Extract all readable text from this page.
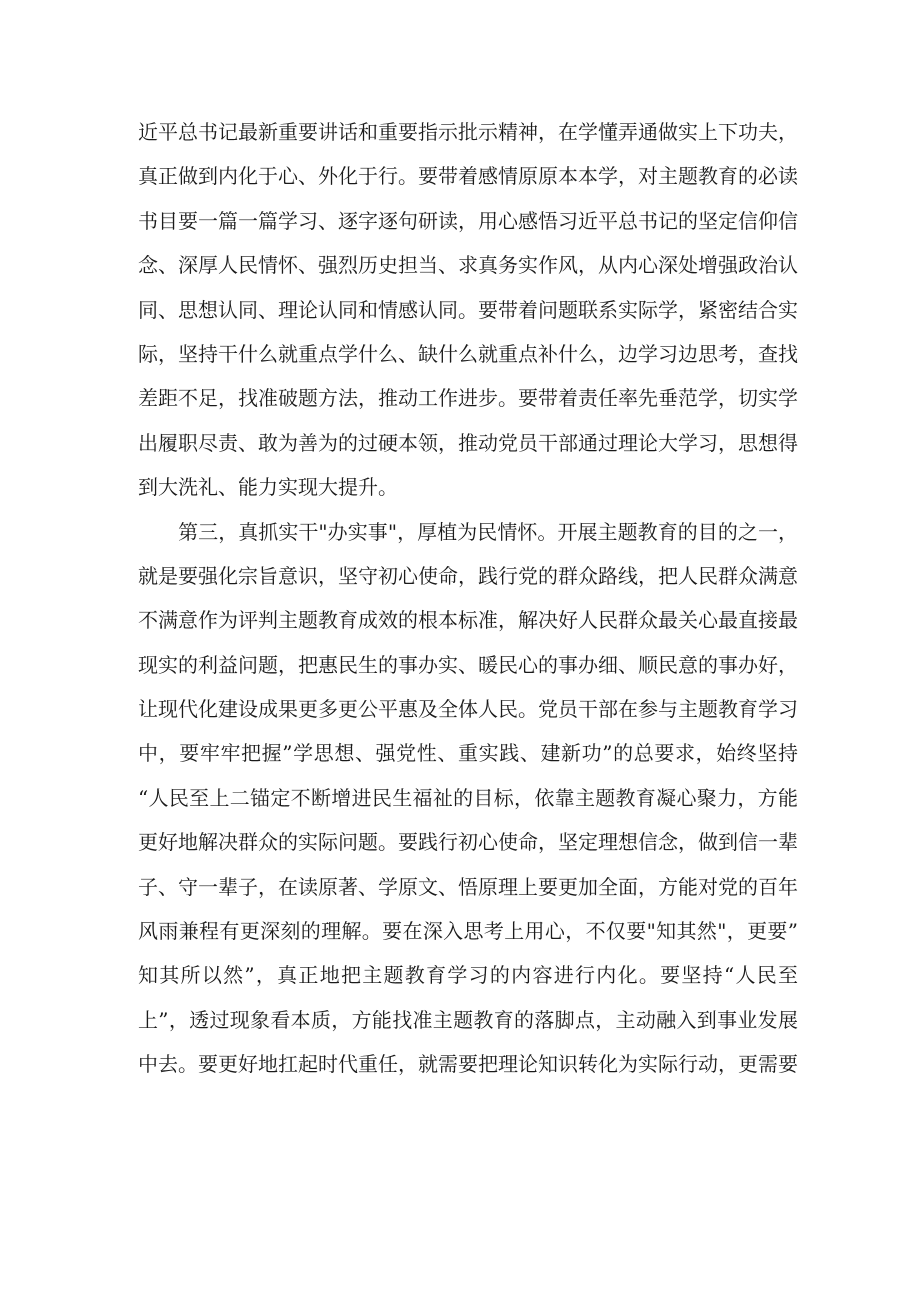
近平总书记最新重要讲话和重要指示批示精神，在学懂弄通做实上下功夫，
真正做到内化于心、外化于行。要带着感情原原本本学，对主题教育的必读
书目要一篇一篇学习、逐字逐句研读，用心感悟习近平总书记的坚定信仰信
念、深厚人民情怀、强烈历史担当、求真务实作风，从内心深处增强政治认
同、思想认同、理论认同和情感认同。要带着问题联系实际学，紧密结合实
际，坚持干什么就重点学什么、缺什么就重点补什么，边学习边思考，查找
差距不足，找准破题方法，推动工作进步。要带着责任率先垂范学，切实学
出履职尽责、敢为善为的过硬本领，推动党员干部通过理论大学习，思想得
到大洗礼、能力实现大提升。
　　第三，真抓实干"办实事"，厚植为民情怀。开展主题教育的目的之一，
就是要强化宗旨意识，坚守初心使命，践行党的群众路线，把人民群众满意
不满意作为评判主题教育成效的根本标准，解决好人民群众最关心最直接最
现实的利益问题，把惠民生的事办实、暖民心的事办细、顺民意的事办好，
让现代化建设成果更多更公平惠及全体人民。党员干部在参与主题教育学习
中，要牢牢把握”学思想、强党性、重实践、建新功”的总要求，始终坚持
“人民至上二锚定不断增进民生福祉的目标，依靠主题教育凝心聚力，方能
更好地解决群众的实际问题。要践行初心使命，坚定理想信念，做到信一辈
子、守一辈子，在读原著、学原文、悟原理上要更加全面，方能对党的百年
风雨兼程有更深刻的理解。要在深入思考上用心，不仅要"知其然"，更要”
知其所以然”，真正地把主题教育学习的内容进行内化。要坚持“人民至
上”，透过现象看本质，方能找准主题教育的落脚点，主动融入到事业发展
中去。要更好地扛起时代重任，就需要把理论知识转化为实际行动，更需要
